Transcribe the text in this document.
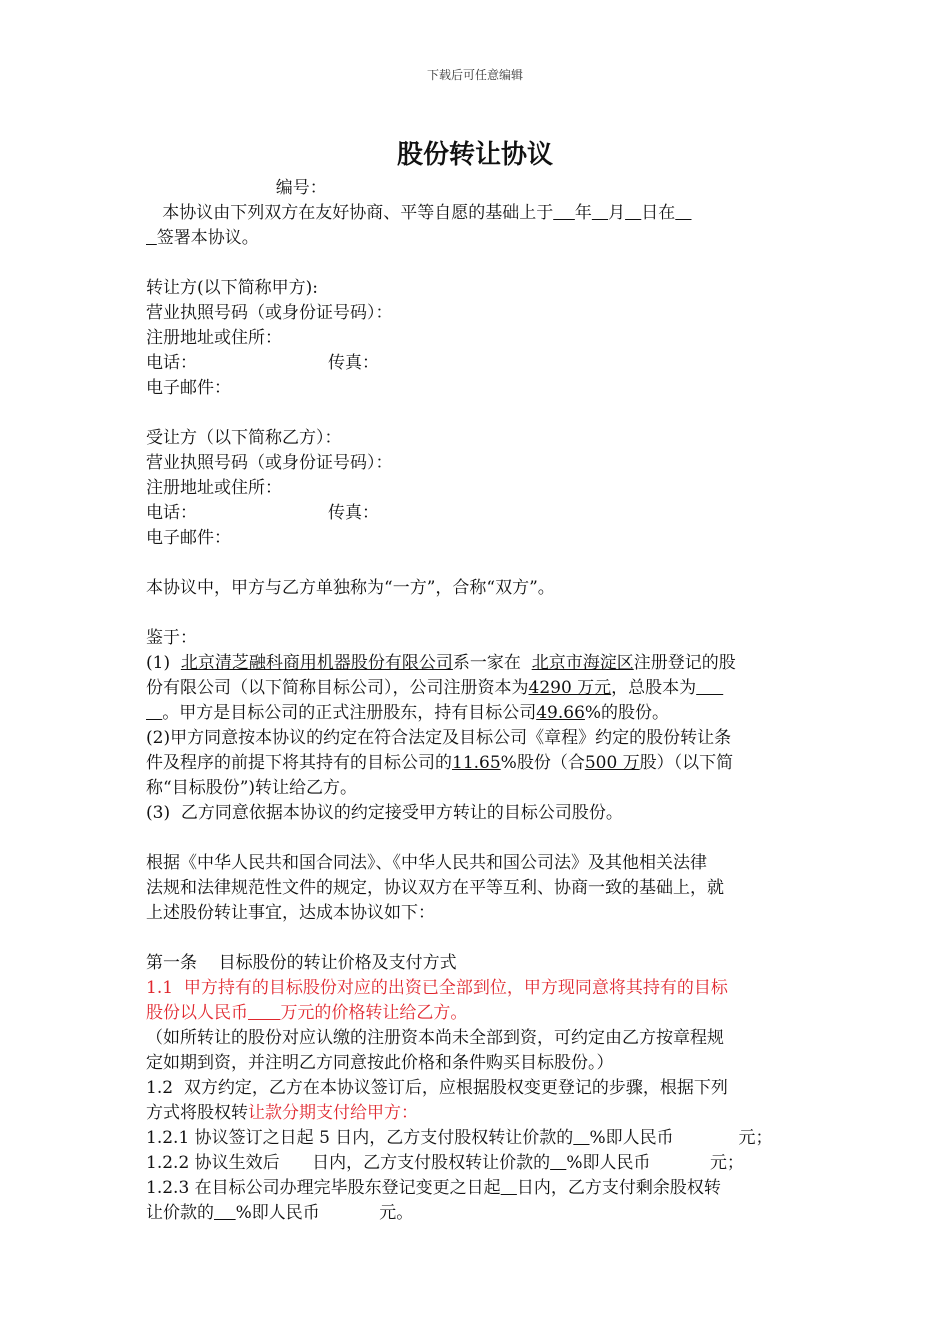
下载后可任意编辑
股份转让协议
编号：
本协议由下列双方在友好协商、平等自愿的基础上于 年 月 日在
签署本协议。
转让方(以下简称甲方):
营业执照号码（或身份证号码）：
注册地址或住所：
电话：	传真：
电子邮件：
受让方（以下简称乙方）：
营业执照号码（或身份证号码）：
注册地址或住所：
电话：	传真：
电子邮件：
本协议中，甲方与乙方单独称为“一方”，合称“双方”。
鉴于：
(1)  北京清芝融科商用机器股份有限公司系一家在  北京市海淀区注册登记的股
份有限公司（以下简称目标公司），公司注册资本为4290 万元，总股本为
。甲方是目标公司的正式注册股东，持有目标公司49.66%的股份。
(2)甲方同意按本协议的约定在符合法定及目标公司《章程》约定的股份转让条
件及程序的前提下将其持有的目标公司的11.65%股份（合500 万股）（以下简
称“目标股份”)转让给乙方。
(3)  乙方同意依据本协议的约定接受甲方转让的目标公司股份。
根据《中华人民共和国合同法》、《中华人民共和国公司法》及其他相关法律
法规和法律规范性文件的规定，协议双方在平等互利、协商一致的基础上，就
上述股份转让事宜，达成本协议如下：
第一条    目标股份的转让价格及支付方式
1.1  甲方持有的目标股份对应的出资已全部到位，甲方现同意将其持有的目标
股份以人民币 万元的价格转让给乙方。
（如所转让的股份对应认缴的注册资本尚未全部到资，可约定由乙方按章程规
定如期到资，并注明乙方同意按此价格和条件购买目标股份。）
1.2  双方约定，乙方在本协议签订后，应根据股权变更登记的步骤，根据下列
方式将股权转让款分期支付给甲方：
1.2.1 协议签订之日起 5 日内，乙方支付股权转让价款的 %即人民币	元；
1.2.2 协议生效后 日内，乙方支付股权转让价款的 %即人民币	元；
1.2.3 在目标公司办理完毕股东登记变更之日起 日内，乙方支付剩余股权转
让价款的 %即人民币	元。
